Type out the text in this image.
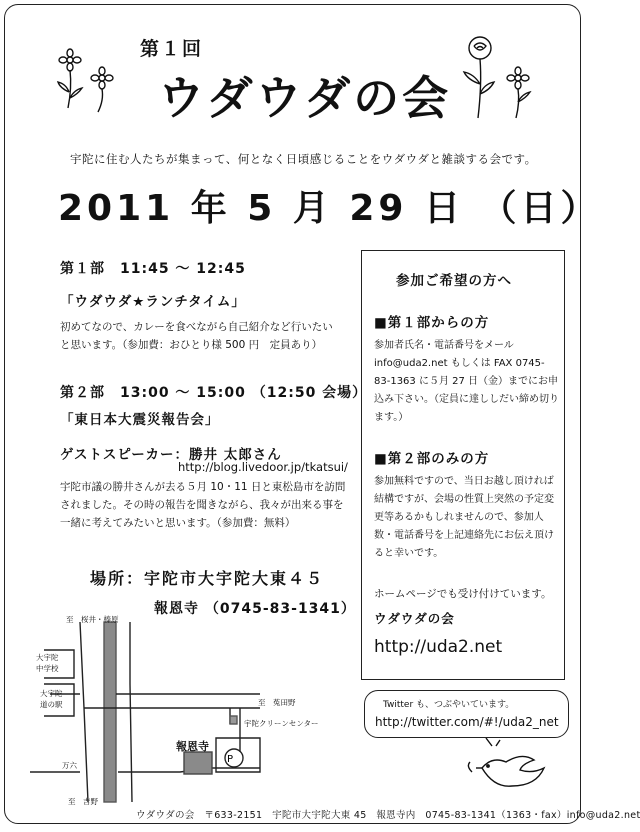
第１回
ウダウダの会
宇陀に住む人たちが集まって、何となく日頃感じることをウダウダと雑談する会です。
2011 年 5 月 29 日 （日）
第１部　11:45 〜 12:45
「ウダウダ★ランチタイム」
初めてなので、カレーを食べながら自己紹介など行いたいと思います。（参加費：おひとり様 500 円　定員あり）
第２部　13:00 〜 15:00 （12:50 会場）
「東日本大震災報告会」
ゲストスピーカー：勝井 太郎さん
http://blog.livedoor.jp/tkatsui/
宇陀市議の勝井さんが去る５月 10・11 日と東松島市を訪問されました。その時の報告を聞きながら、我々が出来る事を一緒に考えてみたいと思います。（参加費：無料）
場所：宇陀市大宇陀大東４５
報恩寺 （0745-83-1341）
P
至　桜井・榛原
大宇陀
中学校
大宇陀
道の駅	至　菟田野
宇陀クリーンセンター
報恩寺
万六
至　吉野
参加ご希望の方へ
■第１部からの方
参加者氏名・電話番号をメール info@uda2.net もしくは FAX 0745-83-1363 に５月 27 日（金）までにお申込み下さい。（定員に達ししだい締め切ります。）
■第２部のみの方
参加無料ですので、当日お越し頂ければ結構ですが、会場の性質上突然の予定変更等あるかもしれませんので、参加人数・電話番号を上記連絡先にお伝え頂けると幸いです。
ホームページでも受け付けています。
ウダウダの会
http://uda2.net
Twitter も、つぶやいています。
http://twitter.com/#!/uda2_net
ウダウダの会　〒633-2151　宇陀市大宇陀大東 45　報恩寺内　0745-83-1341（1363・fax）info@uda2.net
